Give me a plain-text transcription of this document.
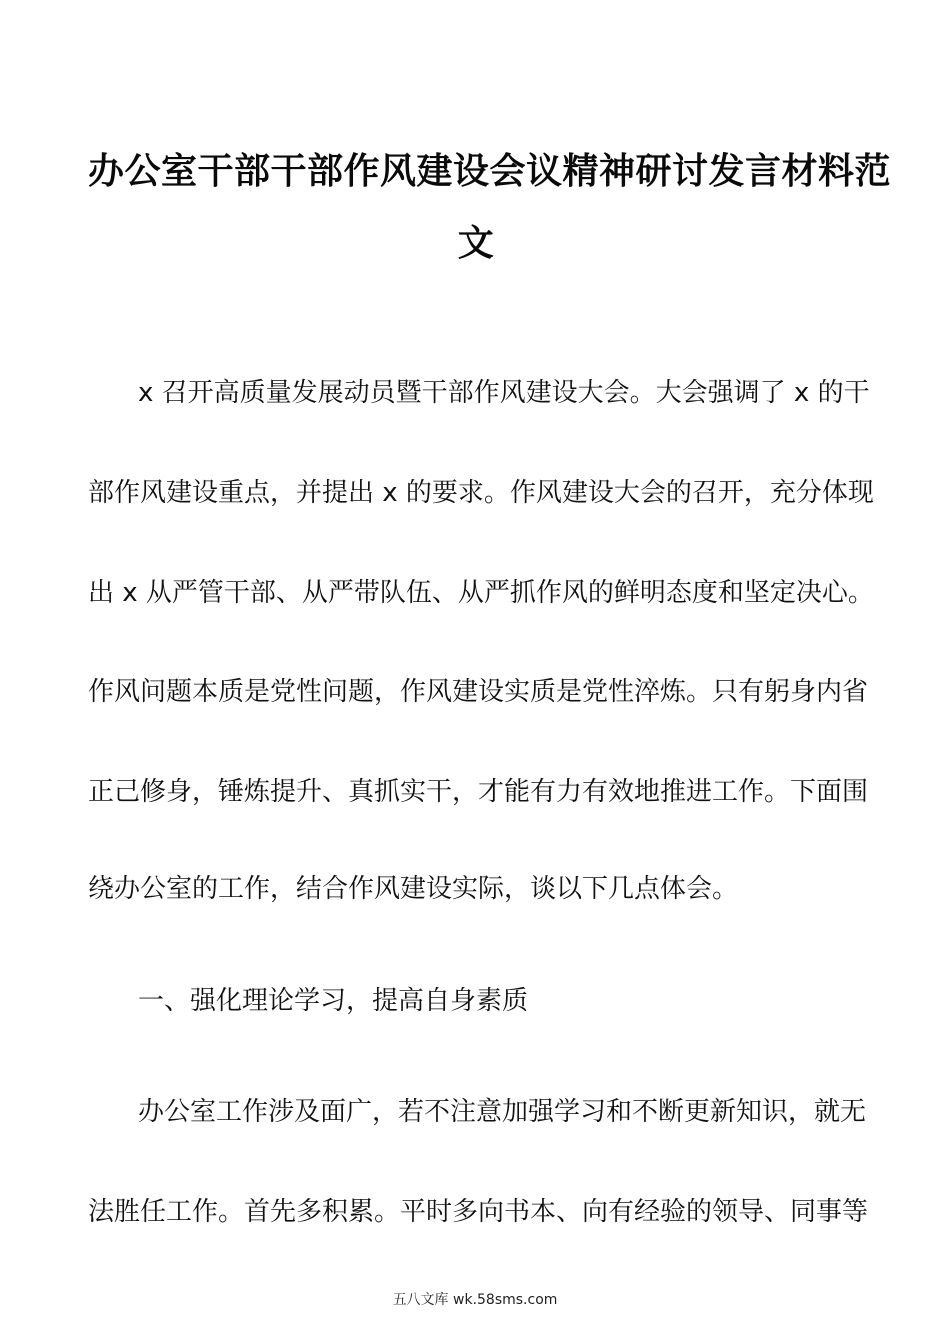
办公室干部干部作风建设会议精神研讨发言材料范
文
x 召开高质量发展动员暨干部作风建设大会。大会强调了 x 的干
部作风建设重点，并提出 x 的要求。作风建设大会的召开，充分体现
出 x 从严管干部、从严带队伍、从严抓作风的鲜明态度和坚定决心。
作风问题本质是党性问题，作风建设实质是党性淬炼。只有躬身内省
正己修身，锤炼提升、真抓实干，才能有力有效地推进工作。下面围
绕办公室的工作，结合作风建设实际，谈以下几点体会。
一、强化理论学习，提高自身素质
办公室工作涉及面广，若不注意加强学习和不断更新知识，就无
法胜任工作。首先多积累。平时多向书本、向有经验的领导、同事等
五八文库 wk.58sms.com
